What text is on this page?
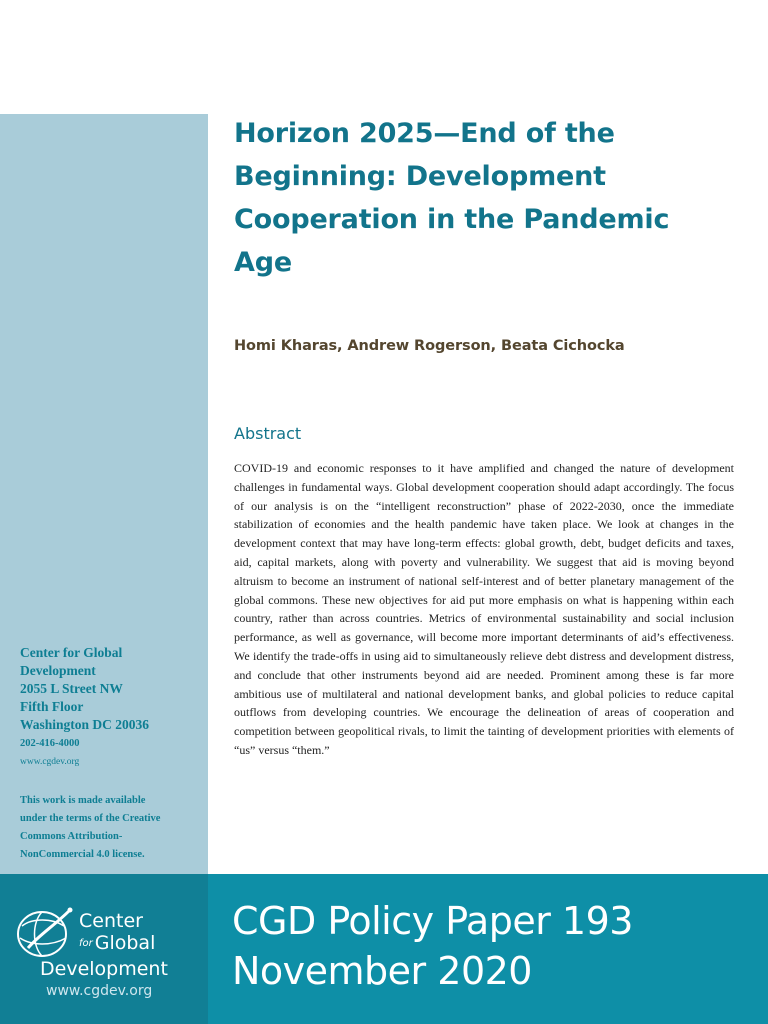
Horizon 2025—End of the Beginning: Development Cooperation in the Pandemic Age
Homi Kharas, Andrew Rogerson, Beata Cichocka
Abstract

COVID-19 and economic responses to it have amplified and changed the nature of development challenges in fundamental ways. Global development cooperation should adapt accordingly. The focus of our analysis is on the “intelligent reconstruction” phase of 2022-2030, once the immediate stabilization of economies and the health pandemic have taken place. We look at changes in the development context that may have long-term effects: global growth, debt, budget deficits and taxes, aid, capital markets, along with poverty and vulnerability. We suggest that aid is moving beyond altruism to become an instrument of national self-interest and of better planetary management of the global commons. These new objectives for aid put more emphasis on what is happening within each country, rather than across countries. Metrics of environmental sustainability and social inclusion performance, as well as governance, will become more important determinants of aid’s effectiveness. We identify the trade-offs in using aid to simultaneously relieve debt distress and development distress, and conclude that other instruments beyond aid are needed. Prominent among these is far more ambitious use of multilateral and national development banks, and global policies to reduce capital outflows from developing countries. We encourage the delineation of areas of cooperation and competition between geopolitical rivals, to limit the tainting of development priorities with elements of “us” versus “them.”

Center for Global
Development
2055 L Street NW
Fifth Floor
Washington DC 20036
202-416-4000
www.cgdev.org
This work is made available
under the terms of the Creative
Commons Attribution-
NonCommercial 4.0 license.
Center
for Global
Development
www.cgdev.org
CGD Policy Paper 193
November 2020
